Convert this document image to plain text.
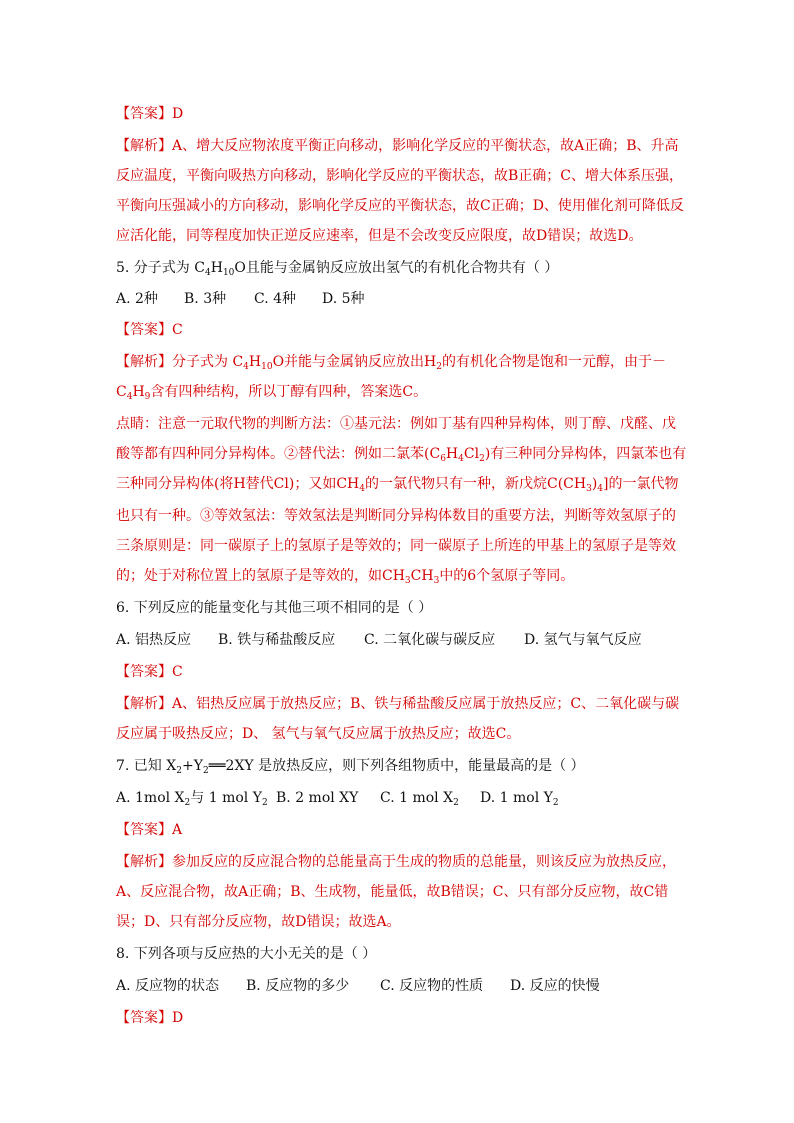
【答案】D
【解析】A、增大反应物浓度平衡正向移动，影响化学反应的平衡状态，故A正确；B、升高
反应温度，平衡向吸热方向移动，影响化学反应的平衡状态，故B正确；C、增大体系压强，
平衡向压强减小的方向移动，影响化学反应的平衡状态，故C正确；D、使用催化剂可降低反
应活化能，同等程度加快正逆反应速率，但是不会改变反应限度，故D错误；故选D。
5. 分子式为 $C_4H_{10}O$且能与金属钠反应放出氢气的有机化合物共有（ ）
A. 2种 B. 3种 C. 4种 D. 5种
【答案】C
【解析】分子式为 $C_4H_{10}O$并能与金属钠反应放出$H_2$的有机化合物是饱和一元醇，由于－
$C_4H_9$含有四种结构，所以丁醇有四种，答案选C。
点睛：注意一元取代物的判断方法：①基元法：例如丁基有四种异构体，则丁醇、戊醛、戊
酸等都有四种同分异构体。②替代法：例如二氯苯$(C_6H_4Cl_2)$有三种同分异构体，四氯苯也有
三种同分异构体(将H替代Cl)；又如$CH_4$的一氯代物只有一种，新戊烷$C(CH_3)_4$]的一氯代物
也只有一种。③等效氢法：等效氢法是判断同分异构体数目的重要方法，判断等效氢原子的
三条原则是：同一碳原子上的氢原子是等效的；同一碳原子上所连的甲基上的氢原子是等效
的；处于对称位置上的氢原子是等效的，如$CH_3CH_3$中的6个氢原子等同。
6. 下列反应的能量变化与其他三项不相同的是（ ）
A. 铝热反应 B. 铁与稀盐酸反应 C. 二氧化碳与碳反应 D. 氢气与氧气反应
【答案】C
【解析】A、铝热反应属于放热反应；B、铁与稀盐酸反应属于放热反应；C、二氧化碳与碳
反应属于吸热反应；D、 氢气与氧气反应属于放热反应；故选C。
7. 已知 $X_2+Y_2══2XY$ 是放热反应，则下列各组物质中，能量最高的是（ ）
A. 1mol $X_2$与 1 mol $Y_2$ B. 2 mol XY C. 1 mol $X_2$ D. 1 mol $Y_2$
【答案】A
【解析】参加反应的反应混合物的总能量高于生成的物质的总能量，则该反应为放热反应，
A、反应混合物，故A正确；B、生成物，能量低，故B错误；C、只有部分反应物，故C错
误；D、只有部分反应物，故D错误；故选A。
8. 下列各项与反应热的大小无关的是（ ）
A. 反应物的状态 B. 反应物的多少 C. 反应物的性质 D. 反应的快慢
【答案】D
